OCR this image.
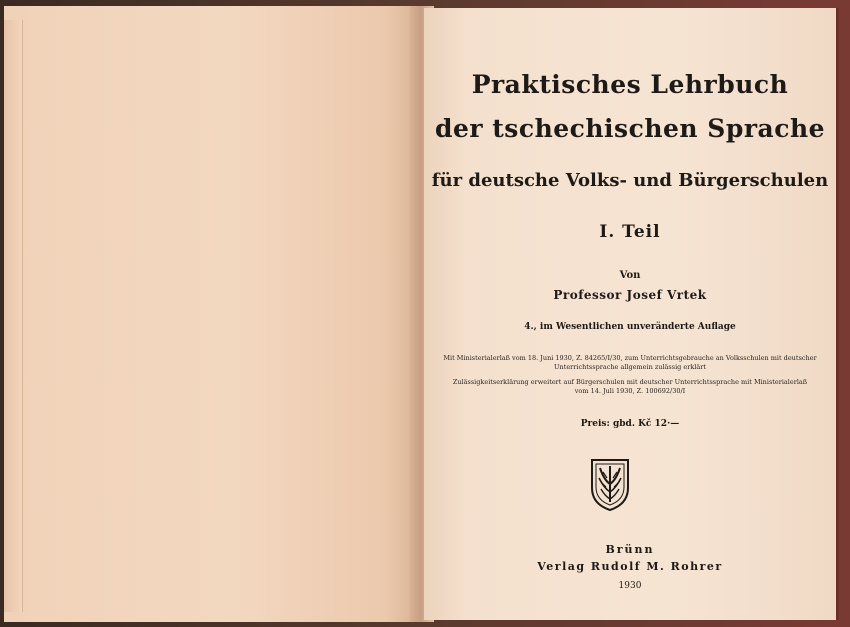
Praktisches Lehrbuch

der tschechischen Sprache

für deutsche Volks- und Bürgerschulen

I. Teil

Von

Professor Josef Vrtek

4., im Wesentlichen unveränderte Auflage

Mit Ministerialerlaß vom 18. Juni 1930, Z. 84265/I/30, zum Unterrichtsgebrauche an Volksschulen mit deutscher

Unterrichtssprache allgemein zulässig erklärt

Zulässigkeitserklärung erweitert auf Bürgerschulen mit deutscher Unterrichtssprache mit Ministerialerlaß

vom 14. Juli 1930, Z. 100692/30/I

Preis: gbd. Kč 12·—

Brünn

Verlag Rudolf M. Rohrer

1930
